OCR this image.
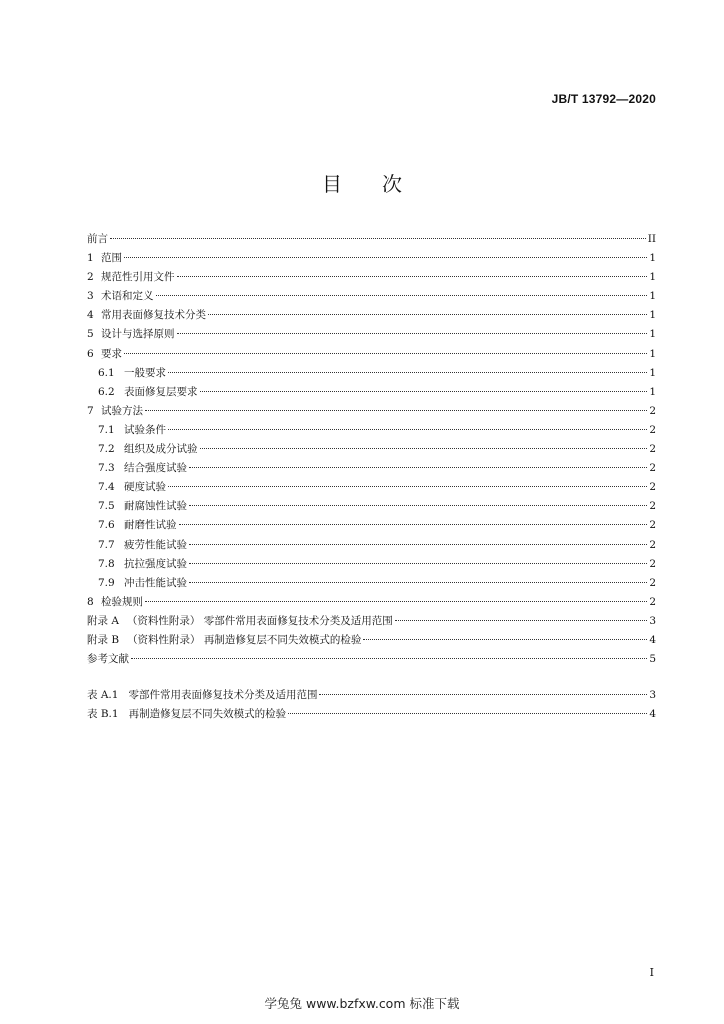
JB/T 13792—2020
目次
前言	II
1 范围	1
2 规范性引用文件	1
3 术语和定义	1
4 常用表面修复技术分类	1
5 设计与选择原则	1
6 要求	1
6.1 一般要求	1
6.2 表面修复层要求	1
7 试验方法	2
7.1 试验条件	2
7.2 组织及成分试验	2
7.3 结合强度试验	2
7.4 硬度试验	2
7.5 耐腐蚀性试验	2
7.6 耐磨性试验	2
7.7 疲劳性能试验	2
7.8 抗拉强度试验	2
7.9 冲击性能试验	2
8 检验规则	2
附录 A （资料性附录） 零部件常用表面修复技术分类及适用范围	3
附录 B （资料性附录） 再制造修复层不同失效模式的检验	4
参考文献	5
表 A.1 零部件常用表面修复技术分类及适用范围	3
表 B.1 再制造修复层不同失效模式的检验	4
I
学兔兔 www.bzfxw.com 标准下载
